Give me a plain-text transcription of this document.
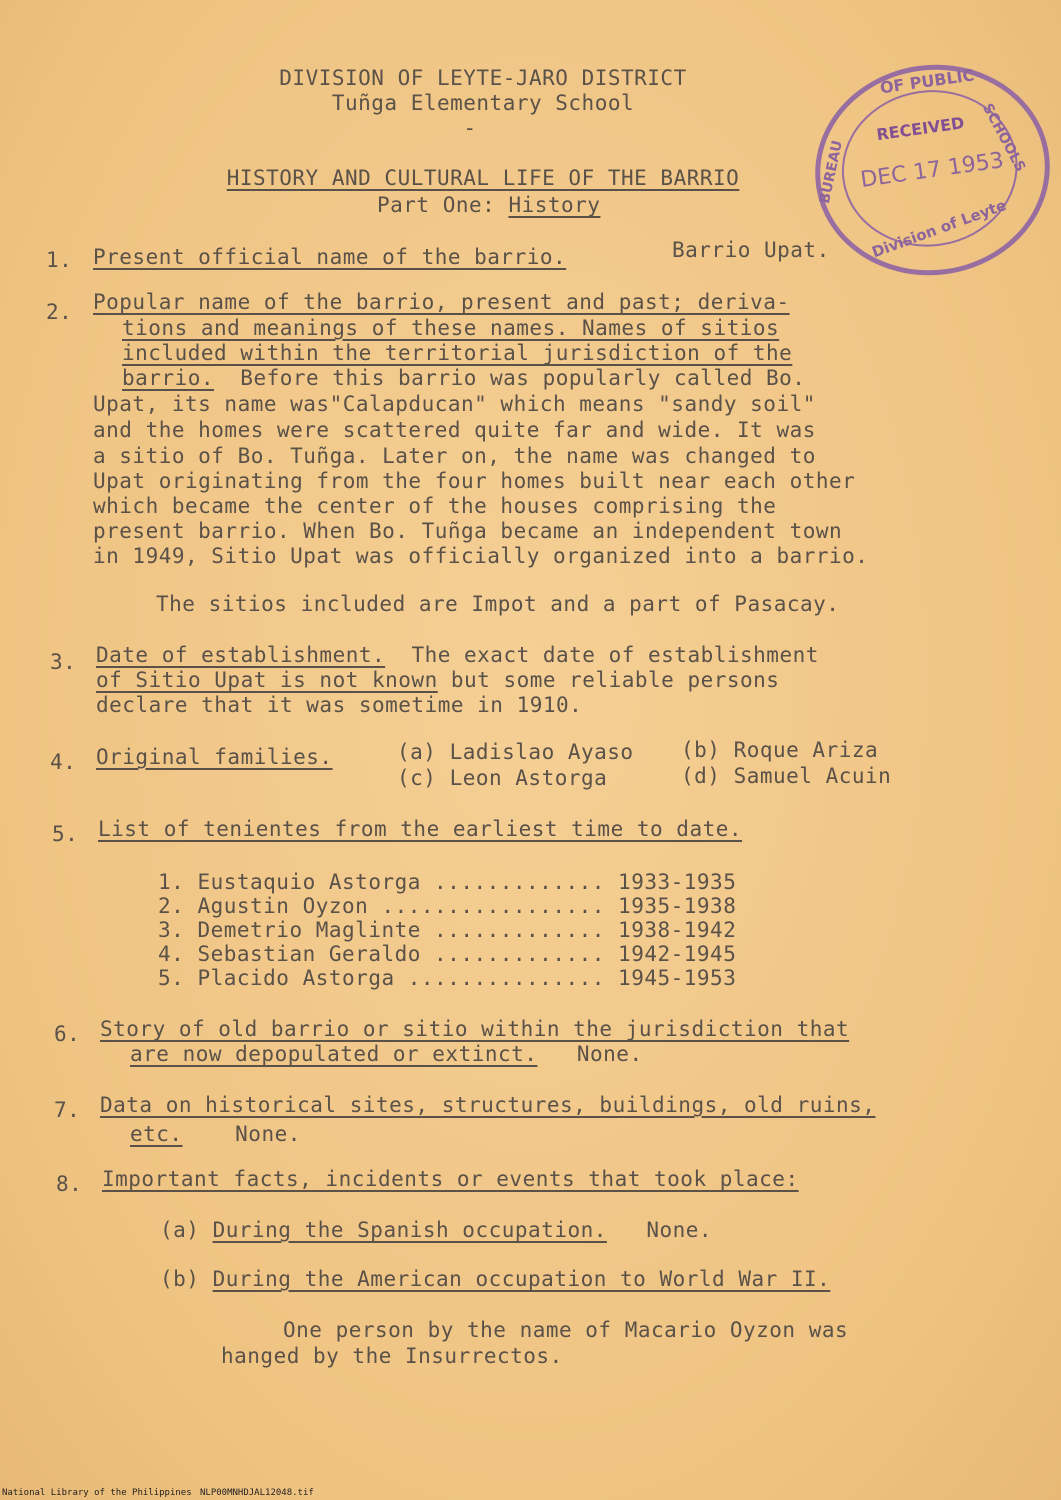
DIVISION OF LEYTE-JARO DISTRICT
Tuñga Elementary School
-
HISTORY AND CULTURAL LIFE OF THE BARRIO
Part One: History
OF PUBLIC
BUREAU	SCHOOLS
RECEIVED
DEC 17 1953
Division of Leyte
1. Present official name of the barrio.	Barrio Upat.
2. Popular name of the barrio, present and past; deriva-
tions and meanings of these names. Names of sitios
included within the territorial jurisdiction of the
barrio.  Before this barrio was popularly called Bo.
Upat, its name was"Calapducan" which means "sandy soil"
and the homes were scattered quite far and wide. It was
a sitio of Bo. Tuñga. Later on, the name was changed to
Upat originating from the four homes built near each other
which became the center of the houses comprising the
present barrio. When Bo. Tuñga became an independent town
in 1949, Sitio Upat was officially organized into a barrio.
The sitios included are Impot and a part of Pasacay.
3. Date of establishment.  The exact date of establishment
of Sitio Upat is not known but some reliable persons
declare that it was sometime in 1910.
4. Original families.	(a) Ladislao Ayaso (b) Roque Ariza
(c) Leon Astorga	(d) Samuel Acuin
5. List of tenientes from the earliest time to date.
1. Eustaquio Astorga ............. 1933-1935
2. Agustin Oyzon ................. 1935-1938
3. Demetrio Maglinte ............. 1938-1942
4. Sebastian Geraldo ............. 1942-1945
5. Placido Astorga ............... 1945-1953
6. Story of old barrio or sitio within the jurisdiction that
are now depopulated or extinct. None.
7. Data on historical sites, structures, buildings, old ruins,
etc.	None.
8. Important facts, incidents or events that took place:
(a) During the Spanish occupation. None.
(b) During the American occupation to World War II.
One person by the name of Macario Oyzon was
hanged by the Insurrectos.
National Library of the Philippines NLP00MNHDJAL12048.tif
